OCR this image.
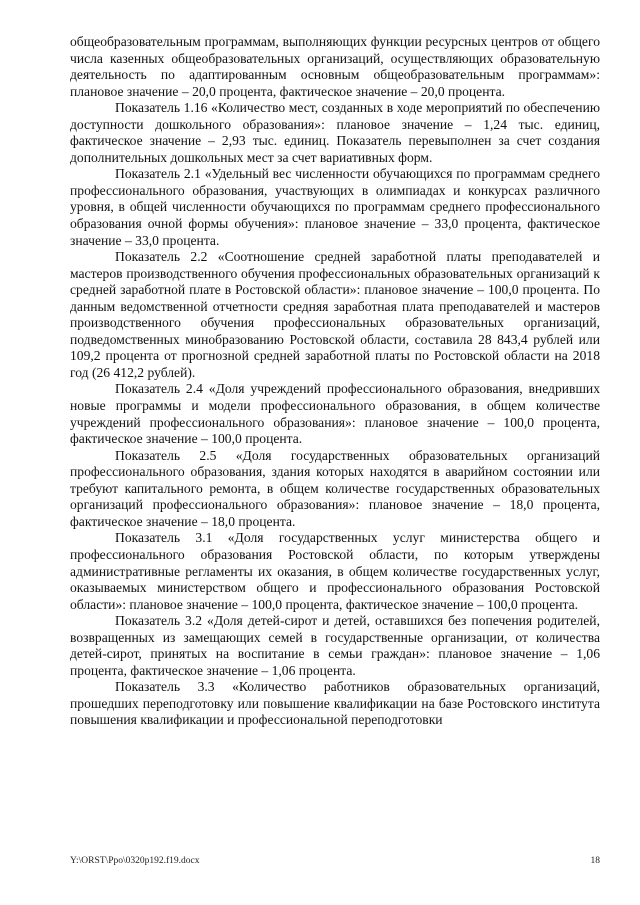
общеобразовательным программам, выполняющих функции ресурсных центров от общего числа казенных общеобразовательных организаций, осуществляющих образовательную деятельность по адаптированным основным общеобразовательным программам»: плановое значение – 20,0 процента, фактическое значение – 20,0 процента.

Показатель 1.16 «Количество мест, созданных в ходе мероприятий по обеспечению доступности дошкольного образования»: плановое значение – 1,24 тыс. единиц, фактическое значение – 2,93 тыс. единиц. Показатель перевыполнен за счет создания дополнительных дошкольных мест за счет вариативных форм.

Показатель 2.1 «Удельный вес численности обучающихся по программам среднего профессионального образования, участвующих в олимпиадах и конкурсах различного уровня, в общей численности обучающихся по программам среднего профессионального образования очной формы обучения»: плановое значение – 33,0 процента, фактическое значение – 33,0 процента.

Показатель 2.2 «Соотношение средней заработной платы преподавателей и мастеров производственного обучения профессиональных образовательных организаций к средней заработной плате в Ростовской области»: плановое значение – 100,0 процента. По данным ведомственной отчетности средняя заработная плата преподавателей и мастеров производственного обучения профессиональных образовательных организаций, подведомственных минобразованию Ростовской области, составила 28 843,4 рублей или 109,2 процента от прогнозной средней заработной платы по Ростовской области на 2018 год (26 412,2 рублей).

Показатель 2.4 «Доля учреждений профессионального образования, внедривших новые программы и модели профессионального образования, в общем количестве учреждений профессионального образования»: плановое значение – 100,0 процента, фактическое значение – 100,0 процента.

Показатель 2.5 «Доля государственных образовательных организаций профессионального образования, здания которых находятся в аварийном состоянии или требуют капитального ремонта, в общем количестве государственных образовательных организаций профессионального образования»: плановое значение – 18,0 процента, фактическое значение – 18,0 процента.

Показатель 3.1 «Доля государственных услуг министерства общего и профессионального образования Ростовской области, по которым утверждены административные регламенты их оказания, в общем количестве государственных услуг, оказываемых министерством общего и профессионального образования Ростовской области»: плановое значение – 100,0 процента, фактическое значение – 100,0 процента.

Показатель 3.2 «Доля детей-сирот и детей, оставшихся без попечения родителей, возвращенных из замещающих семей в государственные организации, от количества детей-сирот, принятых на воспитание в семьи граждан»: плановое значение – 1,06 процента, фактическое значение – 1,06 процента.

Показатель 3.3 «Количество работников образовательных организаций, прошедших переподготовку или повышение квалификации на базе Ростовского института повышения квалификации и профессиональной переподготовки

Y:\ORST\Ppo\0320p192.f19.docx	18
